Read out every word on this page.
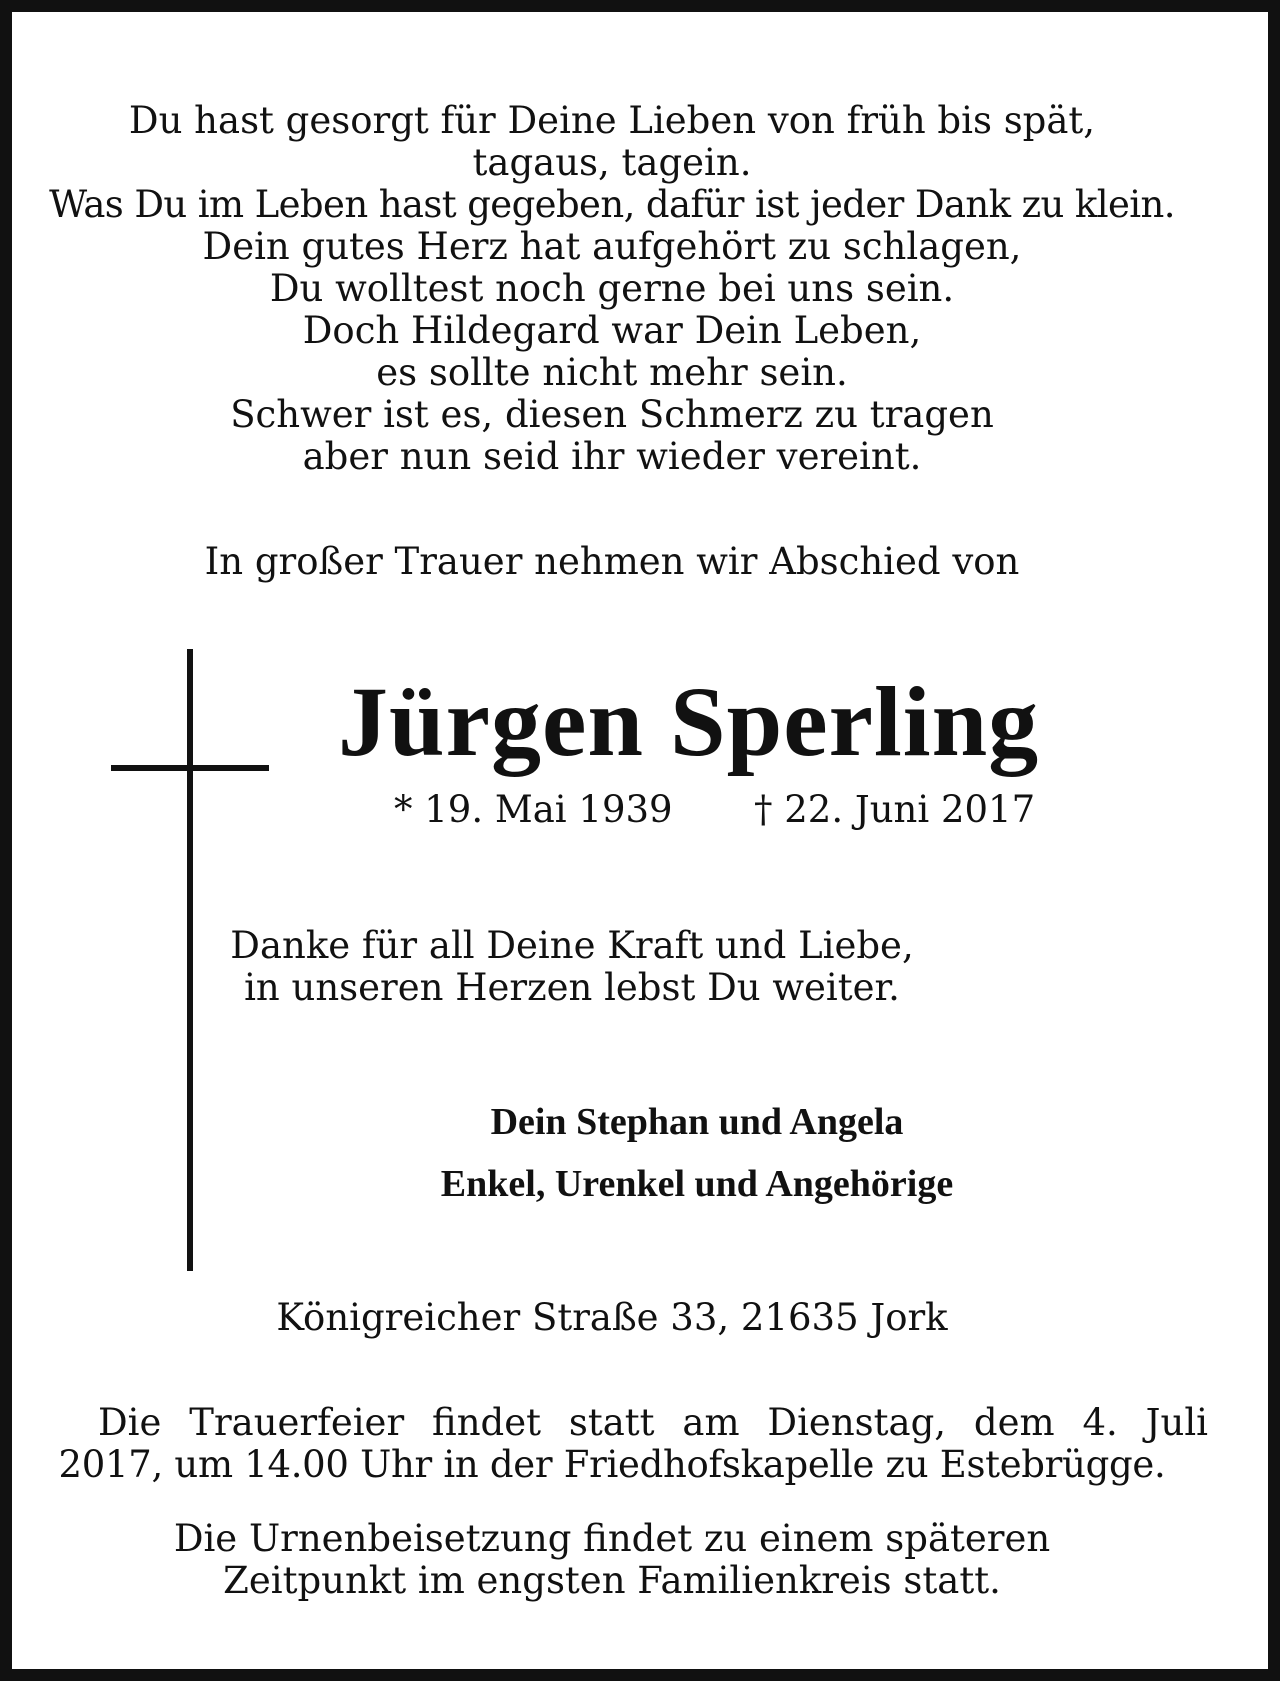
Du hast gesorgt für Deine Lieben von früh bis spät,
tagaus, tagein.
Was Du im Leben hast gegeben, dafür ist jeder Dank zu klein.
Dein gutes Herz hat aufgehört zu schlagen,
Du wolltest noch gerne bei uns sein.
Doch Hildegard war Dein Leben,
es sollte nicht mehr sein.
Schwer ist es, diesen Schmerz zu tragen
aber nun seid ihr wieder vereint.
In großer Trauer nehmen wir Abschied von
Jürgen Sperling
* 19. Mai 1939 † 22. Juni 2017
Danke für all Deine Kraft und Liebe,
in unseren Herzen lebst Du weiter.
Dein Stephan und Angela
Enkel, Urenkel und Angehörige
Königreicher Straße 33, 21635 Jork
Die Trauerfeier findet statt am Dienstag, dem 4. Juli
2017, um 14.00 Uhr in der Friedhofskapelle zu Estebrügge.
Die Urnenbeisetzung findet zu einem späteren
Zeitpunkt im engsten Familienkreis statt.
